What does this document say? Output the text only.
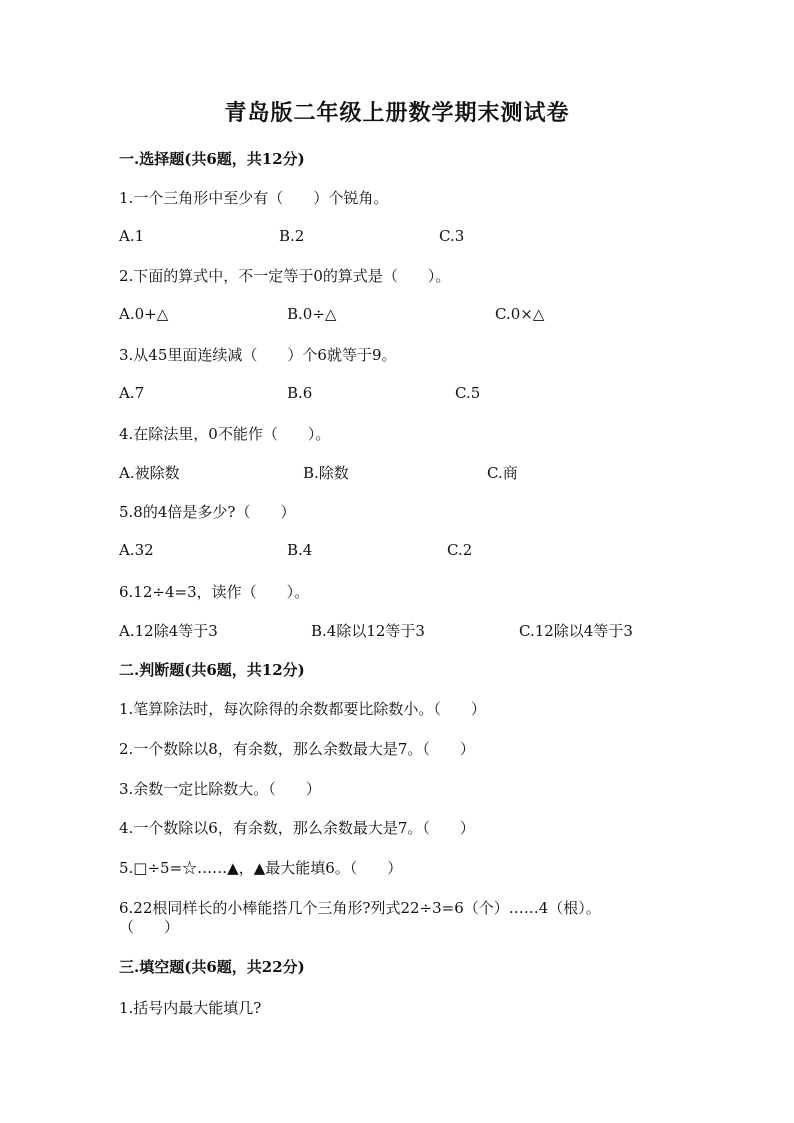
青岛版二年级上册数学期末测试卷
一.选择题(共6题，共12分)
1.一个三角形中至少有（　　）个锐角。
A.1	B.2	C.3
2.下面的算式中，不一定等于0的算式是（　　）。
A.0+△	B.0÷△	C.0×△
3.从45里面连续减（　　）个6就等于9。
A.7	B.6	C.5
4.在除法里，0不能作（　　）。
A.被除数	B.除数	C.商
5.8的4倍是多少?（　　）
A.32	B.4	C.2
6.12÷4=3，读作（　　）。
A.12除4等于3	B.4除以12等于3	C.12除以4等于3
二.判断题(共6题，共12分)
1.笔算除法时，每次除得的余数都要比除数小。（　　）
2.一个数除以8，有余数，那么余数最大是7。（　　）
3.余数一定比除数大。（　　）
4.一个数除以6，有余数，那么余数最大是7。（　　）
5.□÷5=☆……▲，▲最大能填6。（　　）
6.22根同样长的小棒能搭几个三角形?列式22÷3=6（个）……4（根）。
（　　）
三.填空题(共6题，共22分)
1.括号内最大能填几?
